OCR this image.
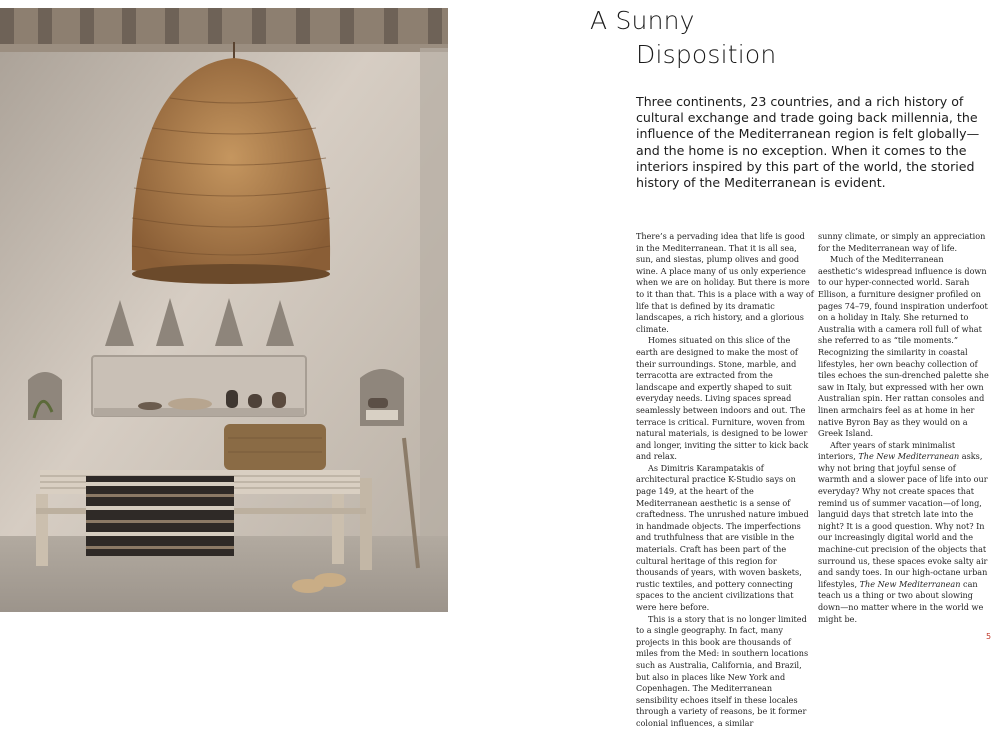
A Sunny
Disposition

Three continents, 23 countries, and a rich history of cultural exchange and trade going back millennia, the influence of the Mediterranean region is felt globally—and the home is no exception. When it comes to the interiors inspired by this part of the world, the storied history of the Mediterranean is evident.

There’s a pervading idea that life is good in the Mediterranean. That it is all sea, sun, and siestas, plump olives and good wine. A place many of us only experience when we are on holiday. But there is more to it than that. This is a place with a way of life that is defined by its dramatic landscapes, a rich history, and a glorious climate.

Homes situated on this slice of the earth are designed to make the most of their surroundings. Stone, marble, and terracotta are extracted from the landscape and expertly shaped to suit everyday needs. Living spaces spread seamlessly between indoors and out. The terrace is critical. Furniture, woven from natural materials, is designed to be lower and longer, inviting the sitter to kick back and relax.

As Dimitris Karampatakis of architectural practice K-Studio says on page 149, at the heart of the Mediterranean aesthetic is a sense of craftedness. The unrushed nature imbued in handmade objects. The imperfections and truthfulness that are visible in the materials. Craft has been part of the cultural heritage of this region for thousands of years, with woven baskets, rustic textiles, and pottery connecting spaces to the ancient civilizations that were here before.

This is a story that is no longer limited to a single geography. In fact, many projects in this book are thousands of miles from the Med: in southern locations such as Australia, California, and Brazil, but also in places like New York and Copenhagen. The Mediterranean sensibility echoes itself in these locales through a variety of reasons, be it former colonial influences, a similar

sunny climate, or simply an appreciation for the Mediterranean way of life.

Much of the Mediterranean aesthetic’s widespread influence is down to our hyper-connected world. Sarah Ellison, a furniture designer profiled on pages 74–79, found inspiration underfoot on a holiday in Italy. She returned to Australia with a camera roll full of what she referred to as “tile moments.” Recognizing the similarity in coastal lifestyles, her own beachy collection of tiles echoes the sun-drenched palette she saw in Italy, but expressed with her own Australian spin. Her rattan consoles and linen armchairs feel as at home in her native Byron Bay as they would on a Greek Island.

After years of stark minimalist interiors, The New Mediterranean asks, why not bring that joyful sense of warmth and a slower pace of life into our everyday? Why not create spaces that remind us of summer vacation—of long, languid days that stretch late into the night? It is a good question. Why not? In our increasingly digital world and the machine-cut precision of the objects that surround us, these spaces evoke salty air and sandy toes. In our high-octane urban lifestyles, The New Mediterranean can teach us a thing or two about slowing down—no matter where in the world we might be.

5
